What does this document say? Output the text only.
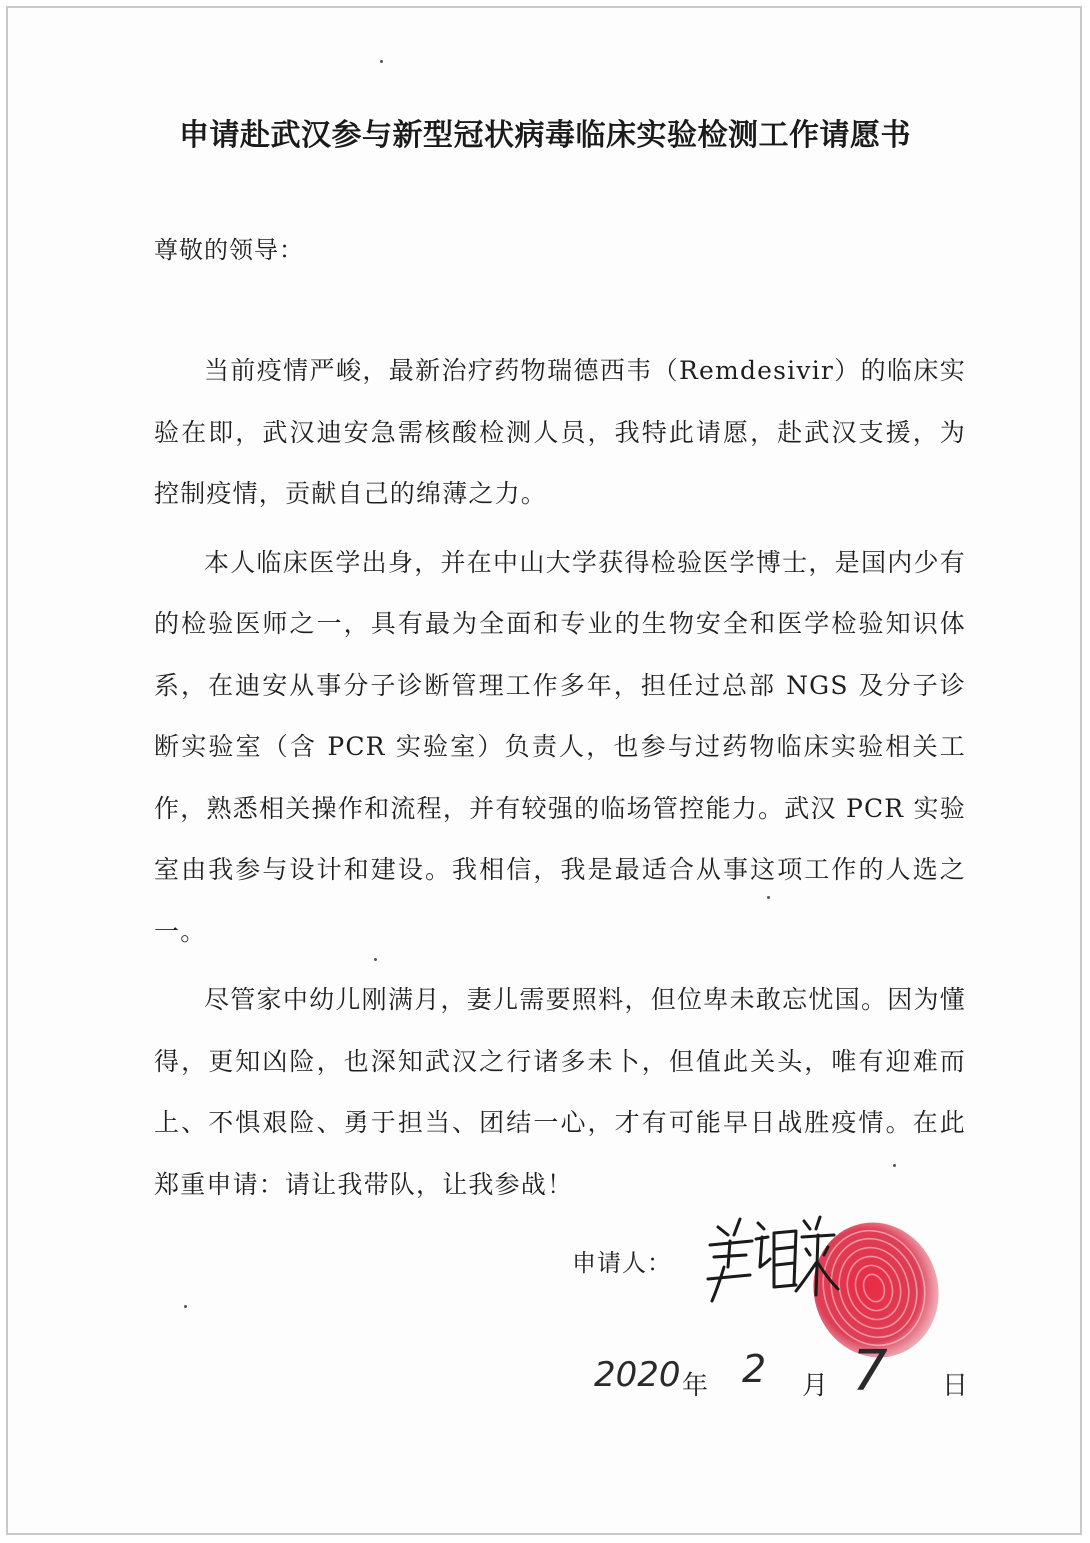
申请赴武汉参与新型冠状病毒临床实验检测工作请愿书
尊敬的领导：

当前疫情严峻，最新治疗药物瑞德西韦（Remdesivir）的临床实验在即，武汉迪安急需核酸检测人员，我特此请愿，赴武汉支援，为控制疫情，贡献自己的绵薄之力。

本人临床医学出身，并在中山大学获得检验医学博士，是国内少有的检验医师之一，具有最为全面和专业的生物安全和医学检验知识体系，在迪安从事分子诊断管理工作多年，担任过总部 NGS 及分子诊断实验室（含 PCR 实验室）负责人，也参与过药物临床实验相关工作，熟悉相关操作和流程，并有较强的临场管控能力。武汉 PCR 实验室由我参与设计和建设。我相信，我是最适合从事这项工作的人选之一。

尽管家中幼儿刚满月，妻儿需要照料，但位卑未敢忘忧国。因为懂得，更知凶险，也深知武汉之行诸多未卜，但值此关头，唯有迎难而上、不惧艰险、勇于担当、团结一心，才有可能早日战胜疫情。在此郑重申请：请让我带队，让我参战！

申请人：
2020 年 2 月 7 日
